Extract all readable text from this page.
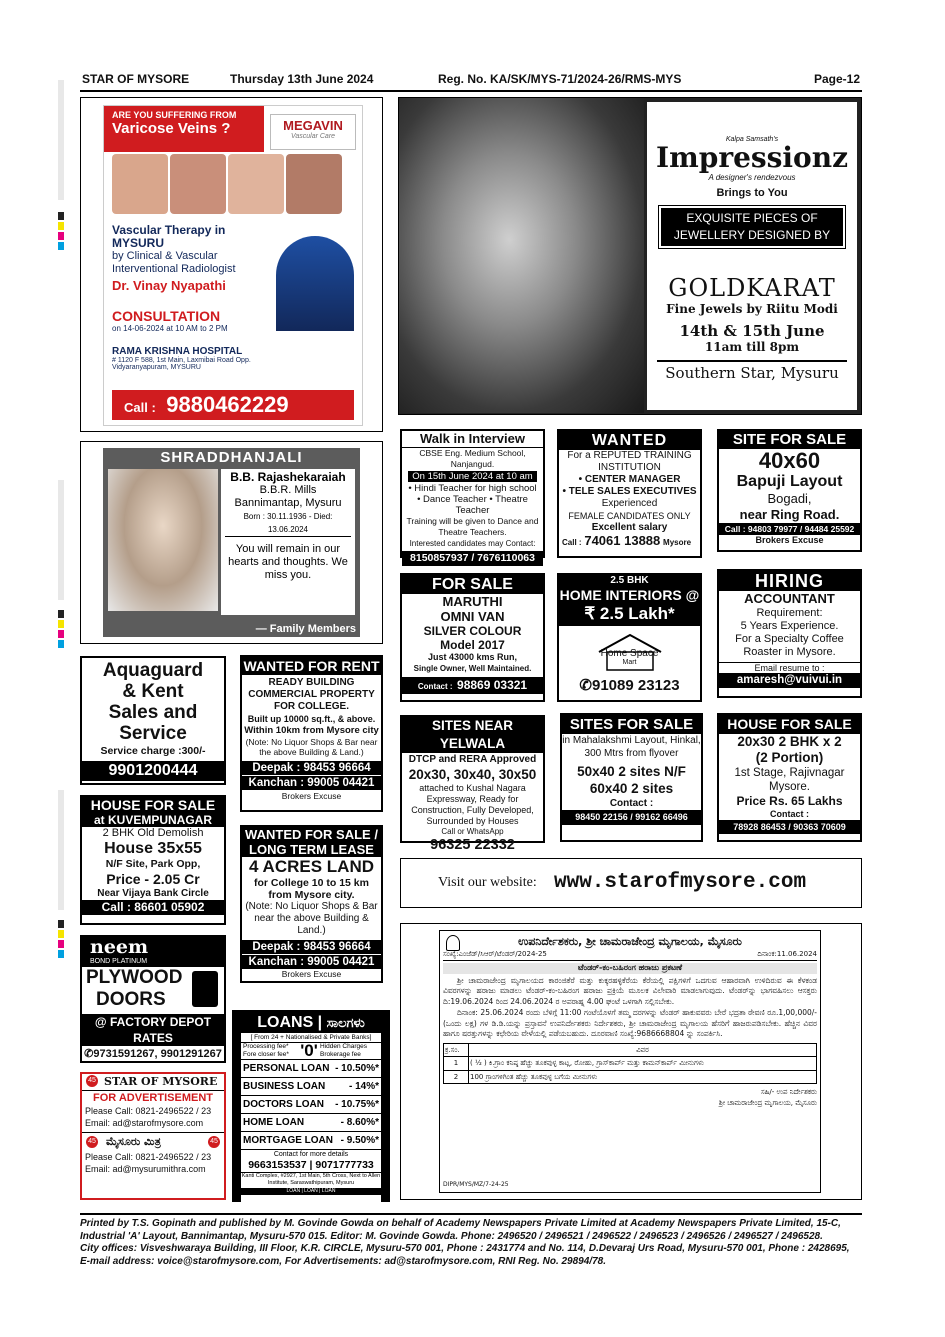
STAR OF MYSORE	Thursday 13th June 2024	Reg. No. KA/SK/MYS-71/2024-26/RMS-MYS	Page-12
ARE YOU SUFFERING FROM
Varicose Veins ?	MEGAVIN
Vascular Care
Vascular Therapy in MYSURU
by Clinical & Vascular Interventional Radiologist
Dr. Vinay Nyapathi
CONSULTATION
on 14-06-2024 at 10 AM to 2 PM
RAMA KRISHNA HOSPITAL
# 1120 F 588, 1st Main, Laxmibai Road Opp. Vidyaranyapuram, MYSURU
Call : 9880462229
Kalpa Samsath's
Impressionz
A designer's rendezvous
Brings to You
EXQUISITE PIECES OF JEWELLERY DESIGNED BY
GOLDKARAT
Fine Jewels by Riitu Modi
14th & 15th June
11am till 8pm
Southern Star, Mysuru
SHRADDHANJALI
B.B. Rajashekaraiah
B.B.R. Mills
Bannimantap, Mysuru
Born : 30.11.1936 - Died: 13.06.2024
You will remain in our hearts and thoughts. We miss you.
— Family Members
Walk in Interview
CBSE Eng. Medium School, Nanjangud.
On 15th June 2024 at 10 am
• Hindi Teacher for high school
• Dance Teacher • Theatre Teacher
Training will be given to Dance and Theatre Teachers.
Interested candidates may Contact:
8150857937 / 7676110063
WANTED
For a REPUTED TRAINING INSTITUTION
• CENTER MANAGER
• TELE SALES EXECUTIVES
Experienced
FEMALE CANDIDATES ONLY
Excellent salary
Call : 74061 13888 Mysore
SITE FOR SALE
40x60
Bapuji Layout
Bogadi,
near Ring Road.
Call : 94803 79977 / 94484 25592
Brokers Excuse
FOR SALE
MARUTHI
OMNI VAN
SILVER COLOUR
Model 2017
Just 43000 kms Run,
Single Owner, Well Maintained.
Contact : 98869 03321
2.5 BHK
HOME INTERIORS @
₹ 2.5 Lakh*
Home Space
Mart
✆91089 23123
HIRING
ACCOUNTANT
Requirement:
5 Years Experience.
For a Specialty Coffee Roaster in Mysore.
Email resume to :
amaresh@vuivui.in
Aquaguard
& Kent
Sales and
Service
Service charge :300/-
9901200444
WANTED FOR RENT
READY BUILDING COMMERCIAL PROPERTY FOR COLLEGE.
Built up 10000 sq.ft., & above.
Within 10km from Mysore city
(Note: No Liquor Shops & Bar near the above Building & Land.)
Deepak : 98453 96664
Kanchan : 99005 04421
Brokers Excuse
SITES NEAR YELWALA
DTCP and RERA Approved
20x30, 30x40, 30x50
attached to Kushal Nagara Expressway, Ready for Construction, Fully Developed, Surrounded by Houses
Call or WhatsApp
96325 22332
SITES FOR SALE
in Mahalakshmi Layout, Hinkal, 300 Mtrs from flyover
50x40 2 sites N/F
60x40 2 sites
Contact :
98450 22156 / 99162 66496
HOUSE FOR SALE
20x30 2 BHK x 2
(2 Portion)
1st Stage, Rajivnagar Mysore.
Price Rs. 65 Lakhs
Contact :
78928 86453 / 90363 70609
HOUSE FOR SALE
at KUVEMPUNAGAR
2 BHK Old Demolish
House 35x55
N/F Site, Park Opp,
Price - 2.05 Cr
Near Vijaya Bank Circle
Call : 86601 05902
WANTED FOR SALE / LONG TERM LEASE
4 ACRES LAND
for College 10 to 15 km from Mysore city.
(Note: No Liquor Shops & Bar near the above Building & Land.)
Deepak : 98453 96664
Kanchan : 99005 04421
Brokers Excuse
Visit our website: www.starofmysore.com
ಉಪನಿರ್ದೇಶಕರು, ಶ್ರೀ ಚಾಮರಾಜೇಂದ್ರ ಮೃಗಾಲಯ, ಮೈಸೂರು
ಸಂಖ್ಯೆ:ಎಂಜೆಡ್/ಸಿಆರ್/ಟೆಂಡರ್/2024-25	ದಿನಾಂಕ:11.06.2024
ಟೆಂಡರ್-ಕಂ-ಬಹಿರಂಗ ಹರಾಜು ಪ್ರಕಟಣೆ
ಶ್ರೀ ಚಾಮರಾಜೇಂದ್ರ ಮೃಗಾಲಯದ ಕಾರಂಜಿಕೆರೆ ಮತ್ತು ಕುಕ್ಕರಹಳ್ಳಿಕೆರೆಯ ಕೆರೆಯಲ್ಲಿ ಪಕ್ಷಿಗಳಿಗೆ ಒದಗುವ ಆಹಾರವಾಗಿ ಉಳಿದಿರುವ ಈ ಕೆಳಕಂಡ ವಿವರಗಳನ್ನು ಹರಾಜು ಮಾಡಲು ಟೆಂಡರ್-ಕಂ-ಬಹಿರಂಗ ಹರಾಜು ಪ್ರಕ್ರಿಯೆ ಮೂಲಕ ವಿಲೇವಾರಿ ಮಾಡಲಾಗುವುದು. ಟೆಂಡರ್‌ನ್ನು ಭಾಗವಹಿಸಲು ಆಸಕ್ತರು ದಿ:19.06.2024 ರಿಂದ 24.06.2024 ರ ಅಪರಾಹ್ನ 4.00 ಘಂಟೆ ಒಳಗಾಗಿ ಸಲ್ಲಿಸಬೇಕು.
ದಿನಾಂಕ: 25.06.2024 ರಂದು ಬೆಳಿಗ್ಗೆ 11:00 ಗಂಟೆಯೊಳಗೆ ತಮ್ಮ ದರಗಳನ್ನು ಟೆಂಡರ್ ಹಾಕುವವರು ಬೇರೆ ಭದ್ರತಾ ಠೇವಣಿ ರೂ.1,00,000/-(ಒಂದು ಲಕ್ಷ) ಗಳ ಡಿ.ಡಿ.ಯನ್ನು ಪ್ರಸ್ತಾವನೆ ಉಪನಿರ್ದೇಶಕರು ನಿರ್ದೇಶಕರು, ಶ್ರೀ ಚಾಮರಾಜೇಂದ್ರ ಮೃಗಾಲಯ ಹೆಸರಿಗೆ ಹಾಜರುಪಡಿಸಬೇಕು. ಹೆಚ್ಚಿನ ವಿವರ ಹಾಗೂ ಷರತ್ತುಗಳನ್ನು ಕಛೇರಿಯ ವೇಳೆಯಲ್ಲಿ ಪಡೆಯಬಹುದು. ದೂರವಾಣಿ ಸಂಖ್ಯೆ:9686668804 ನ್ನು ಸಂಪರ್ಕಿಸಿ.
ಕ್ರ.ಸಂ.	ವಿವರ
1	( ½ ) ಕಿ.ಗ್ರಾಂ ಕನಿಷ್ಠ ಹೆಚ್ಚು ತೂಕವುಳ್ಳ ಕಾಟ್ಲ, ರೋಹು, ಗ್ರಾಸ್‌ಕಾರ್ಪ್ ಮತ್ತು ಕಾಮನ್‌ಕಾರ್ಪ್ ಮೀನುಗಳು
2	100 ಗ್ರಾಂಗಳಿಗಿಂತ ಹೆಚ್ಚು ತೂಕವುಳ್ಳ ಬಗೆಯ ಮೀನುಗಳು
ಸಹಿ/- ಉಪ ನಿರ್ದೇಶಕರು
ಶ್ರೀ ಚಾಮರಾಜೇಂದ್ರ ಮೃಗಾಲಯ, ಮೈಸೂರು
DIPR/MYS/MZ/7-24-25
neem
BOND PLATINUM
PLYWOOD
DOORS
@ FACTORY DEPOT RATES
✆9731591267, 9901291267
LOANS | ಸಾಲಗಳು
[ From 24 + Nationalised & Private Banks]
Processing fee* Fore closer fee* '0' Hidden Charges Brokerage fee
PERSONAL LOAN - 10.50%*
BUSINESS LOAN - 14%*
DOCTORS LOAN - 10.75%*
HOME LOAN	- 8.60%*
MORTGAGE LOAN - 9.50%*
Contact for more details
9663153537 | 9071777733
Kanti Complex, #2927, 1st Main, 5th Cross, Next to Allen Institute, Saraswathipuram, Mysuru
LOAN | LOAN | LOAN
45 STAR OF MYSORE
FOR ADVERTISEMENT
Please Call: 0821-2496522 / 23
Email: ad@starofmysore.com
45 ಮೈಸೂರು ಮಿತ್ರ	45
Please Call: 0821-2496522 / 23
Email: ad@mysurumithra.com
Printed by T.S. Gopinath and published by M. Govinde Gowda on behalf of Academy Newspapers Private Limited at Academy Newspapers Private Limited, 15-C,
Industrial 'A' Layout, Bannimantap, Mysuru-570 015. Editor: M. Govinde Gowda. Phone: 2496520 / 2496521 / 2496522 / 2496523 / 2496526 / 2496527 / 2496528.
City offices: Visveshwaraya Building, III Floor, K.R. CIRCLE, Mysuru-570 001, Phone : 2431774 and No. 114, D.Devaraj Urs Road, Mysuru-570 001, Phone : 2428695,
E-mail address: voice@starofmysore.com, For Advertisements: ad@starofmysore.com, RNI Reg. No. 29894/78.
